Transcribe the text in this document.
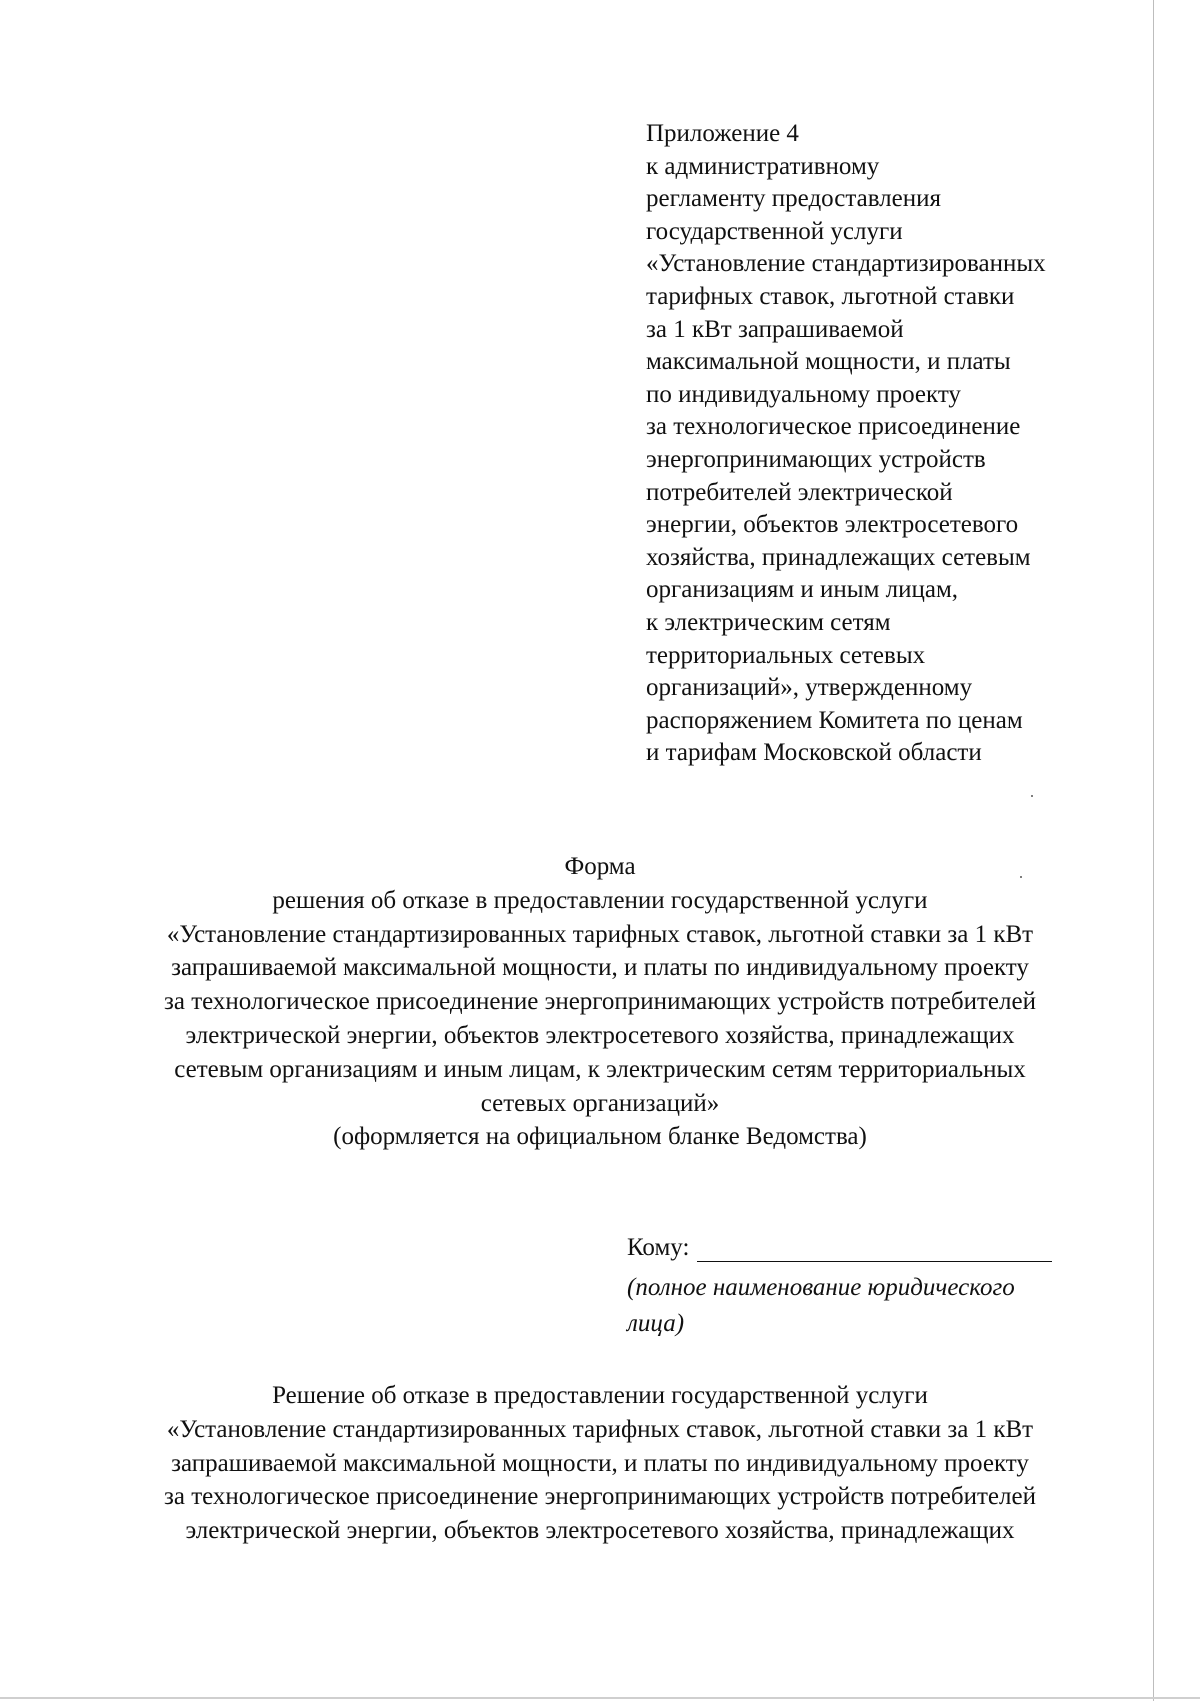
Приложение 4
к административному
регламенту предоставления
государственной услуги
«Установление стандартизированных
тарифных ставок, льготной ставки
за 1 кВт запрашиваемой
максимальной мощности, и платы
по индивидуальному проекту
за технологическое присоединение
энергопринимающих устройств
потребителей электрической
энергии, объектов электросетевого
хозяйства, принадлежащих сетевым
организациям и иным лицам,
к электрическим сетям
территориальных сетевых
организаций», утвержденному
распоряжением Комитета по ценам
и тарифам Московской области
Форма
решения об отказе в предоставлении государственной услуги
«Установление стандартизированных тарифных ставок, льготной ставки за 1 кВт
запрашиваемой максимальной мощности, и платы по индивидуальному проекту
за технологическое присоединение энергопринимающих устройств потребителей
электрической энергии, объектов электросетевого хозяйства, принадлежащих
сетевым организациям и иным лицам, к электрическим сетям территориальных
сетевых организаций»
(оформляется на официальном бланке Ведомства)
Кому:
(полное наименование юридического
лица)
Решение об отказе в предоставлении государственной услуги
«Установление стандартизированных тарифных ставок, льготной ставки за 1 кВт
запрашиваемой максимальной мощности, и платы по индивидуальному проекту
за технологическое присоединение энергопринимающих устройств потребителей
электрической энергии, объектов электросетевого хозяйства, принадлежащих
